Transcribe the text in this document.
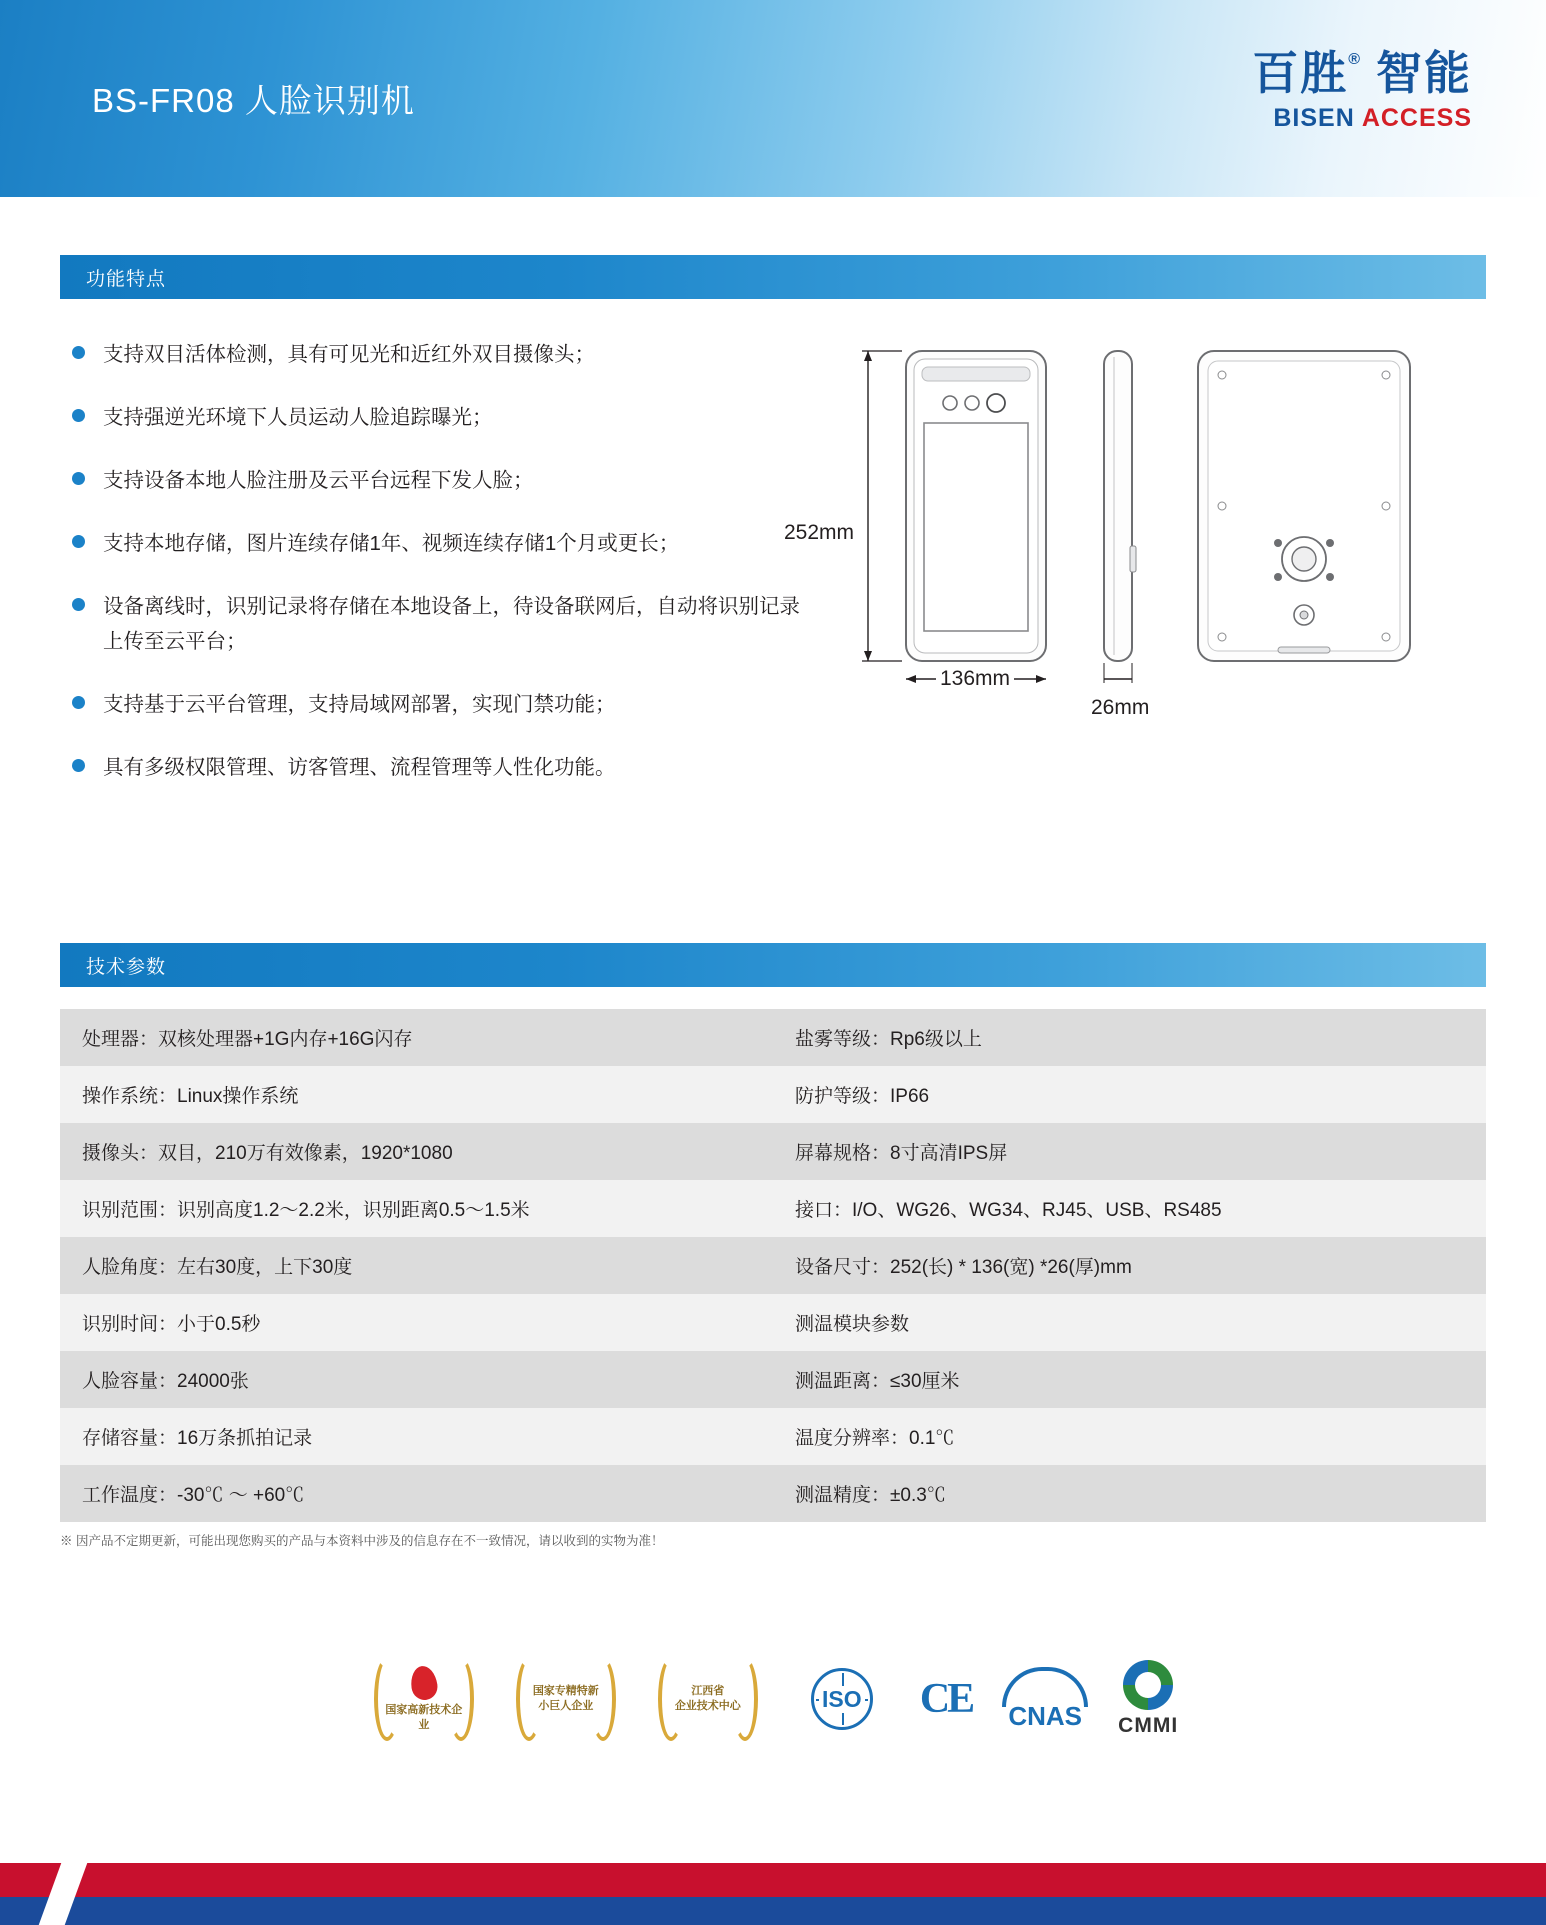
BS-FR08 人脸识别机
百胜 ® 智能
BISEN ACCESS
功能特点
支持双目活体检测，具有可见光和近红外双目摄像头；
支持强逆光环境下人员运动人脸追踪曝光；
支持设备本地人脸注册及云平台远程下发人脸；
支持本地存储，图片连续存储1年、视频连续存储1个月或更长；
设备离线时，识别记录将存储在本地设备上，待设备联网后，自动将识别记录上传至云平台；
支持基于云平台管理，支持局域网部署，实现门禁功能；
具有多级权限管理、访客管理、流程管理等人性化功能。
252mm
136mm
26mm
技术参数
处理器：双核处理器+1G内存+16G闪存	盐雾等级：Rp6级以上
操作系统：Linux操作系统	防护等级：IP66
摄像头：双目，210万有效像素，1920*1080	屏幕规格：8寸高清IPS屏
识别范围：识别高度1.2～2.2米，识别距离0.5～1.5米	接口：I/O、WG26、WG34、RJ45、USB、RS485
人脸角度：左右30度，上下30度	设备尺寸：252(长) * 136(宽) *26(厚)mm
识别时间：小于0.5秒	测温模块参数
人脸容量：24000张	测温距离：≤30厘米
存储容量：16万条抓拍记录	温度分辨率：0.1℃
工作温度：-30℃ ～ +60℃	测温精度：±0.3℃
※ 因产品不定期更新，可能出现您购买的产品与本资料中涉及的信息存在不一致情况，请以收到的实物为准！
国家高新技术企业
国家专精特新
小巨人企业
江西省
企业技术中心	ISO CE CNAS CMMI
